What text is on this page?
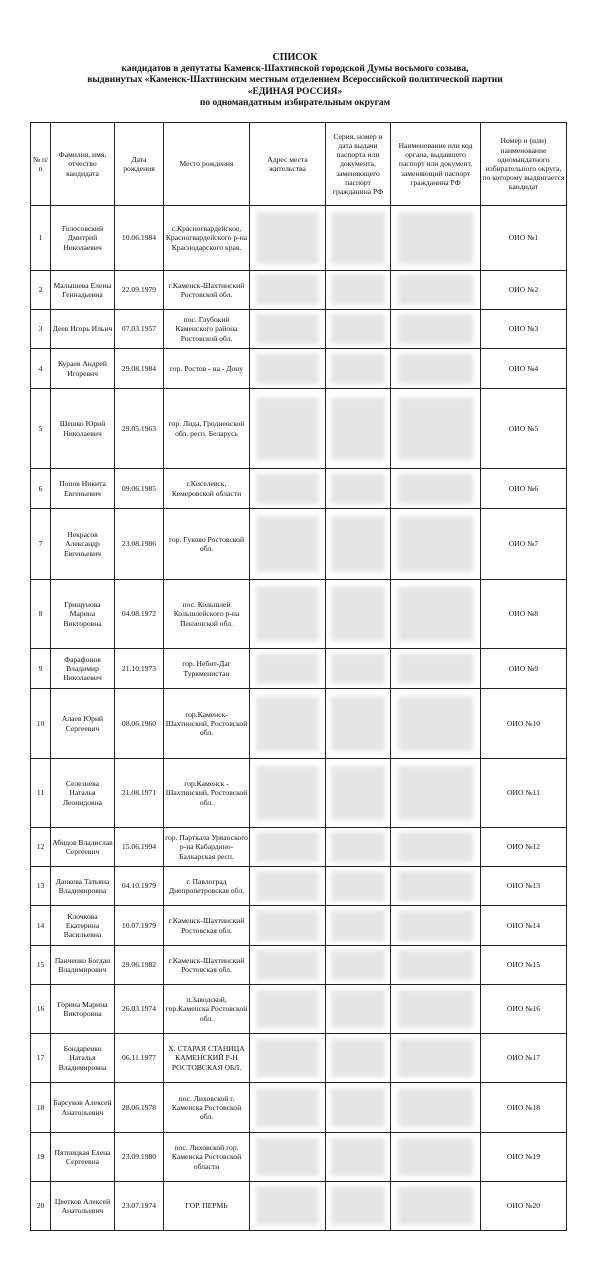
СПИСОК
кандидатов в депутаты Каменск-Шахтинской городской Думы восьмого созыва,
выдвинутых «Каменск-Шахтинским местным отделением Всероссийской политической партии
«ЕДИНАЯ РОССИЯ»
по одномандатным избирательным округам
№ п/п	Фамилия, имя, отчество кандидата	Дата рождения	Место рождения	Адрес места жительства	Серия, номер и дата выдачи паспорта или документа, заменяющего паспорт гражданина РФ	Наименование или код органа, выдавшего паспорт или документ, заменяющий паспорт гражданина РФ	Номер и (или) наименование одномандатного избирательного округа, по которому выдвигается кандидат
1	Голосовский Дмитрий Николаевич	10.06.1984	с.Красногвардейское, Красногвардейского р-на Краснодарского края.				ОИО №1
2	Малышева Елены Геннадьевна	22.09.1979	г.Каменск-Шахтинский Ростовской обл.				ОИО №2
3	Деев Игорь Ильич	07.03.1957	пос. Глубокий Каменского района Ростовской обл.				ОИО №3
4	Кураев Андрей Игоревич	29.08.1984	гор. Ростов - на - Дону				ОИО №4
5	Шешко Юрий Николаевич	29.05.1963	гор. Лида, Гродненской обл. респ. Беларусь				ОИО №5
6	Попов Никита Евгеньевич	09.06.1985	г.Киселевск, Кемеровской области				ОИО №6
7	Некрасов Александр Евгеньевич	23.08.1986	гор. Гуково Ростовской обл.				ОИО №7
8	Грищунова Марина Викторовна	04.08.1972	пос. Кольшлей Кольшлейского р-на Пензенской обл.				ОИО №8
9	Фарафонов Владимир Николаевич	21.10.1973	гор. Небит-Даг Туркменистан				ОИО №9
10	Алаев Юрий Сергеевич	08.06.1960	гор.Каменск-Шахтинский, Ростовской обл.				ОИО №10
11	Селезнева Наталья Леонидовна	21.08.1971	гор.Каменск - Шахтинский, Ростовской обл.				ОИО №11
12	Абидов Владислав Сергеевич	15.06.1994	гор. Парткала Урванского р-на Кабардино-Балкарская респ.				ОИО №12
13	Данкева Татьяна Владимировна	04.10.1979	г. Павлоград Днепропетровская обл.				ОИО №13
14	Клочкова Екатерина Васильевна	10.07.1979	г.Каменск-Шахтинский Ростовская обл.				ОИО №14
15	Панченко Богдан Владимирович	29.06.1982	г.Каменск-Шахтинский Ростовская обл.				ОИО №15
16	Горина Марина Викторовна	26.03.1974	п.Заводской, гор.Каменска Ростовской обл.				ОИО №16
17	Бондаренко Наталья Владимировна	06.11.1977	Х. СТАРАЯ СТАНИЦА КАМЕНСКИЙ Р-Н РОСТОВСКАЯ ОБЛ.				ОИО №17
18	Барсуков Алексей Анатольевич	28.06.1978	пос. Лиховской г. Каменска Ростовской обл.				ОИО №18
19	Пятницкая Елена Сергеевна	23.09.1980	пос. Лиховской гор. Каменска Ростовской области				ОИО №19
20	Цветков Алексей Анатольевич	23.07.1974	ГОР. ПЕРМЬ				ОИО №20
